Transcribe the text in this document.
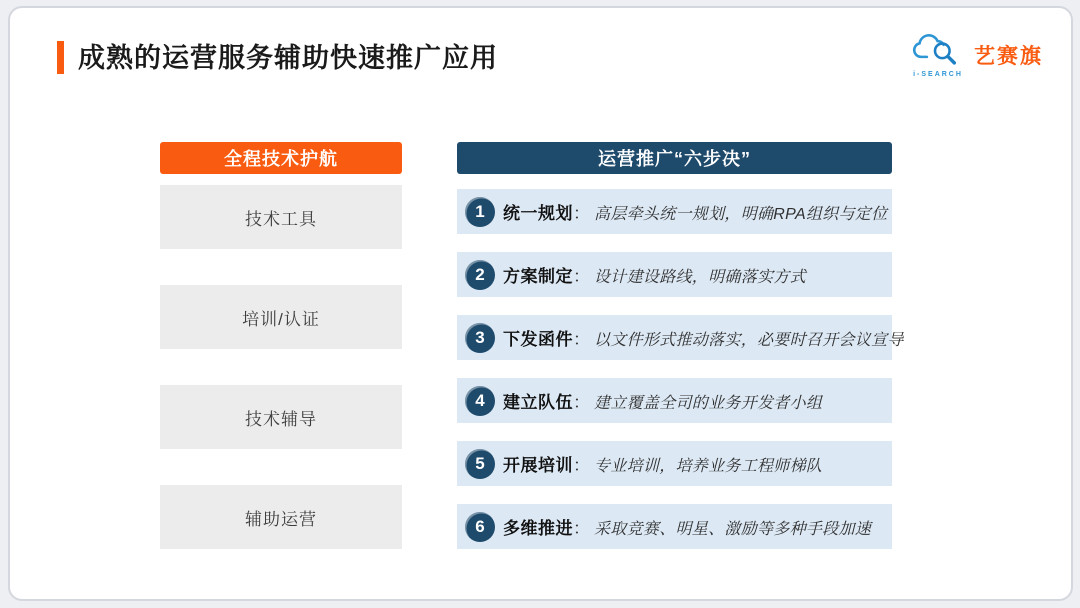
成熟的运营服务辅助快速推广应用
i-SEARCH
艺赛旗
全程技术护航
技术工具
培训/认证
技术辅导
辅助运营
运营推广“六步决”
1	统一规划： 高层牵头统一规划，明确RPA组织与定位
2	方案制定： 设计建设路线，明确落实方式
3	下发函件： 以文件形式推动落实，必要时召开会议宣导
4	建立队伍： 建立覆盖全司的业务开发者小组
5	开展培训： 专业培训，培养业务工程师梯队
6	多维推进： 采取竞赛、明星、激励等多种手段加速
